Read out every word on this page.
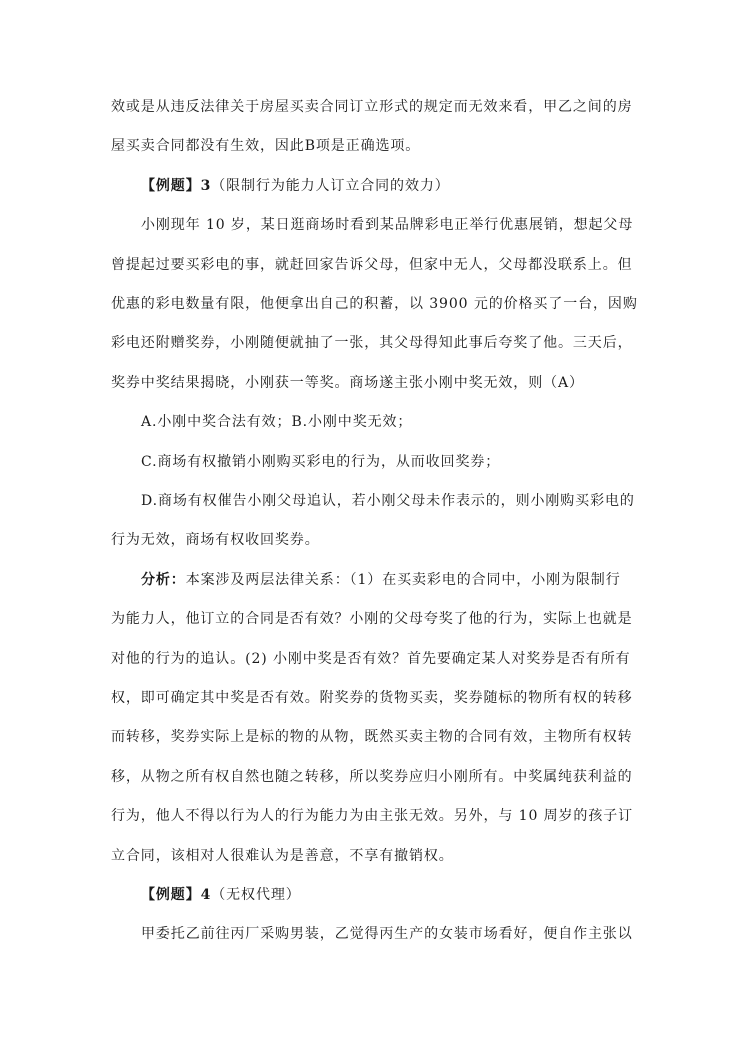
效或是从违反法律关于房屋买卖合同订立形式的规定而无效来看，甲乙之间的房
屋买卖合同都没有生效，因此B项是正确选项。
【例题】3（限制行为能力人订立合同的效力）
小刚现年 10 岁，某日逛商场时看到某品牌彩电正举行优惠展销，想起父母
曾提起过要买彩电的事，就赶回家告诉父母，但家中无人，父母都没联系上。但
优惠的彩电数量有限，他便拿出自己的积蓄，以 3900 元的价格买了一台，因购
彩电还附赠奖券，小刚随便就抽了一张，其父母得知此事后夸奖了他。三天后，
奖券中奖结果揭晓，小刚获一等奖。商场遂主张小刚中奖无效，则（A）
A.小刚中奖合法有效；B.小刚中奖无效；
C.商场有权撤销小刚购买彩电的行为，从而收回奖券；
D.商场有权催告小刚父母追认，若小刚父母未作表示的，则小刚购买彩电的
行为无效，商场有权收回奖券。
分析：本案涉及两层法律关系：（1）在买卖彩电的合同中，小刚为限制行
为能力人，他订立的合同是否有效？小刚的父母夸奖了他的行为，实际上也就是
对他的行为的追认。(2) 小刚中奖是否有效？首先要确定某人对奖券是否有所有
权，即可确定其中奖是否有效。附奖券的货物买卖，奖券随标的物所有权的转移
而转移，奖券实际上是标的物的从物，既然买卖主物的合同有效，主物所有权转
移，从物之所有权自然也随之转移，所以奖券应归小刚所有。中奖属纯获利益的
行为，他人不得以行为人的行为能力为由主张无效。另外，与 10 周岁的孩子订
立合同，该相对人很难认为是善意，不享有撤销权。
【例题】4（无权代理）
甲委托乙前往丙厂采购男装，乙觉得丙生产的女装市场看好，便自作主张以
